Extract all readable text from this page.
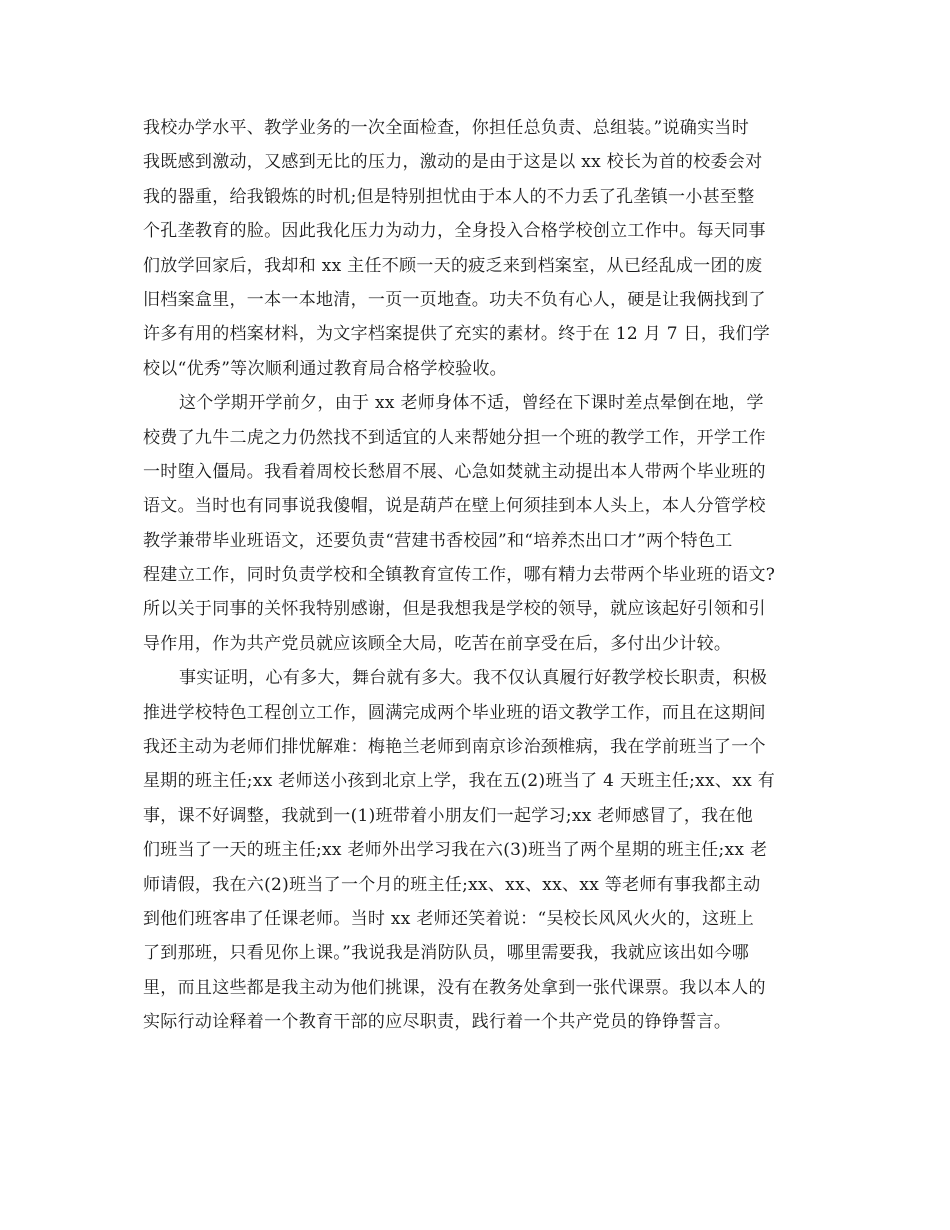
我校办学水平、教学业务的一次全面检查，你担任总负责、总组装。”说确实当时
我既感到激动，又感到无比的压力，激动的是由于这是以 xx 校长为首的校委会对
我的器重，给我锻炼的时机;但是特别担忧由于本人的不力丢了孔垄镇一小甚至整
个孔垄教育的脸。因此我化压力为动力，全身投入合格学校创立工作中。每天同事
们放学回家后，我却和 xx 主任不顾一天的疲乏来到档案室，从已经乱成一团的废
旧档案盒里，一本一本地清，一页一页地查。功夫不负有心人，硬是让我俩找到了
许多有用的档案材料，为文字档案提供了充实的素材。终于在 12 月 7 日，我们学
校以“优秀”等次顺利通过教育局合格学校验收。
这个学期开学前夕，由于 xx 老师身体不适，曾经在下课时差点晕倒在地，学
校费了九牛二虎之力仍然找不到适宜的人来帮她分担一个班的教学工作，开学工作
一时堕入僵局。我看着周校长愁眉不展、心急如焚就主动提出本人带两个毕业班的
语文。当时也有同事说我傻帽，说是葫芦在壁上何须挂到本人头上，本人分管学校
教学兼带毕业班语文，还要负责“营建书香校园”和“培养杰出口才”两个特色工
程建立工作，同时负责学校和全镇教育宣传工作，哪有精力去带两个毕业班的语文?
所以关于同事的关怀我特别感谢，但是我想我是学校的领导，就应该起好引领和引
导作用，作为共产党员就应该顾全大局，吃苦在前享受在后，多付出少计较。
事实证明，心有多大，舞台就有多大。我不仅认真履行好教学校长职责，积极
推进学校特色工程创立工作，圆满完成两个毕业班的语文教学工作，而且在这期间
我还主动为老师们排忧解难：梅艳兰老师到南京诊治颈椎病，我在学前班当了一个
星期的班主任;xx 老师送小孩到北京上学，我在五(2)班当了 4 天班主任;xx、xx 有
事，课不好调整，我就到一(1)班带着小朋友们一起学习;xx 老师感冒了，我在他
们班当了一天的班主任;xx 老师外出学习我在六(3)班当了两个星期的班主任;xx 老
师请假，我在六(2)班当了一个月的班主任;xx、xx、xx、xx 等老师有事我都主动
到他们班客串了任课老师。当时 xx 老师还笑着说：“吴校长风风火火的，这班上
了到那班，只看见你上课。”我说我是消防队员，哪里需要我，我就应该出如今哪
里，而且这些都是我主动为他们挑课，没有在教务处拿到一张代课票。我以本人的
实际行动诠释着一个教育干部的应尽职责，践行着一个共产党员的铮铮誓言。
